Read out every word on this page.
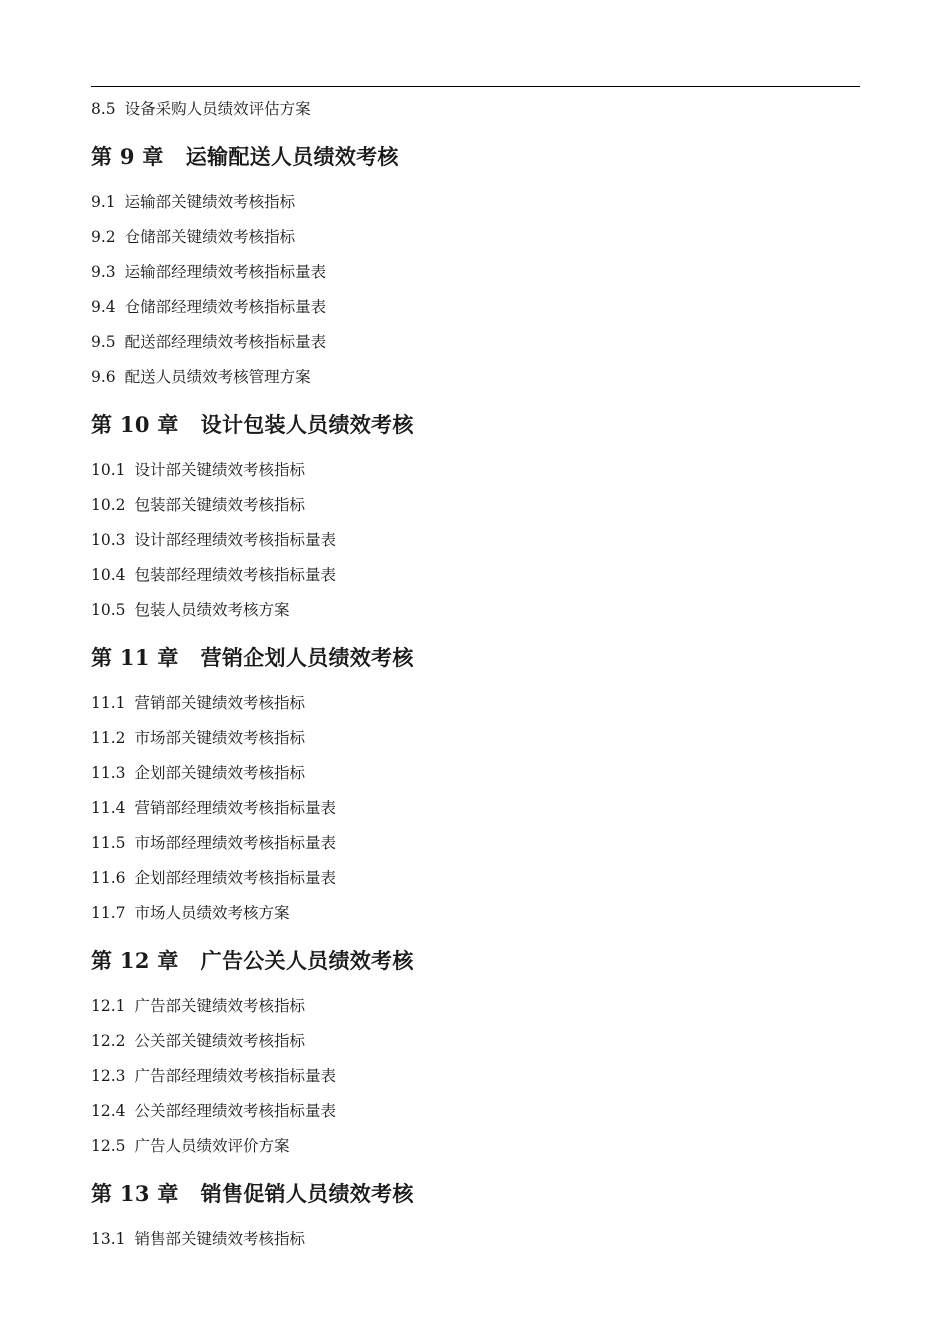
8.5 设备采购人员绩效评估方案
第 9 章 运输配送人员绩效考核
9.1 运输部关键绩效考核指标
9.2 仓储部关键绩效考核指标
9.3 运输部经理绩效考核指标量表
9.4 仓储部经理绩效考核指标量表
9.5 配送部经理绩效考核指标量表
9.6 配送人员绩效考核管理方案
第 10 章 设计包装人员绩效考核
10.1 设计部关键绩效考核指标
10.2 包装部关键绩效考核指标
10.3 设计部经理绩效考核指标量表
10.4 包装部经理绩效考核指标量表
10.5 包装人员绩效考核方案
第 11 章 营销企划人员绩效考核
11.1 营销部关键绩效考核指标
11.2 市场部关键绩效考核指标
11.3 企划部关键绩效考核指标
11.4 营销部经理绩效考核指标量表
11.5 市场部经理绩效考核指标量表
11.6 企划部经理绩效考核指标量表
11.7 市场人员绩效考核方案
第 12 章 广告公关人员绩效考核
12.1 广告部关键绩效考核指标
12.2 公关部关键绩效考核指标
12.3 广告部经理绩效考核指标量表
12.4 公关部经理绩效考核指标量表
12.5 广告人员绩效评价方案
第 13 章 销售促销人员绩效考核
13.1 销售部关键绩效考核指标
